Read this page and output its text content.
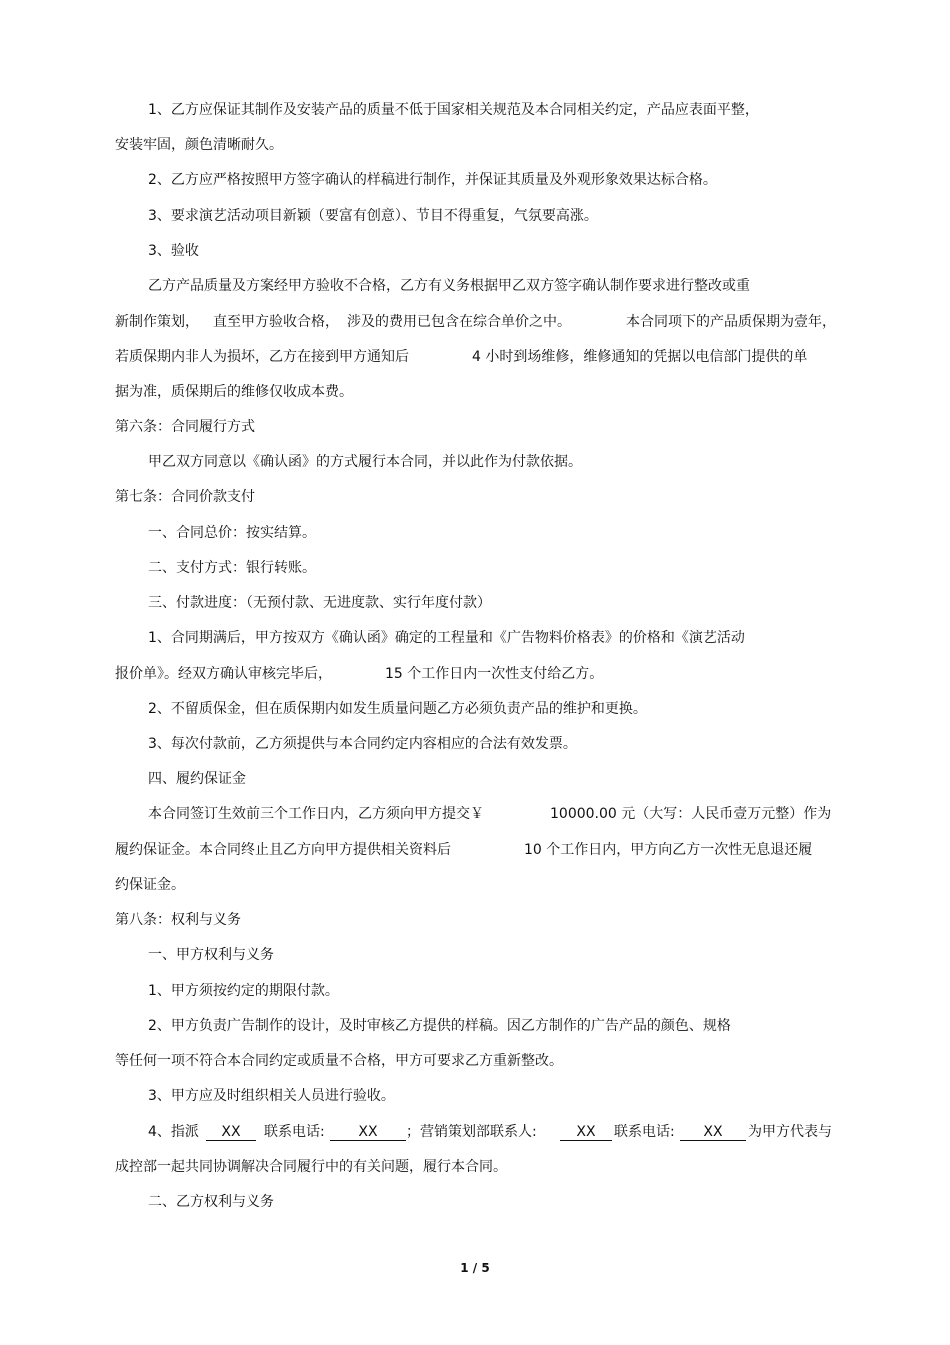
1、乙方应保证其制作及安装产品的质量不低于国家相关规范及本合同相关约定，产品应表面平整，
安装牢固，颜色清晰耐久。
2、乙方应严格按照甲方签字确认的样稿进行制作，并保证其质量及外观形象效果达标合格。
3、要求演艺活动项目新颖（要富有创意）、节目不得重复，气氛要高涨。
3、验收
乙方产品质量及方案经甲方验收不合格，乙方有义务根据甲乙双方签字确认制作要求进行整改或重
新制作策划， 直至甲方验收合格， 涉及的费用已包含在综合单价之中。	本合同项下的产品质保期为壹年，
若质保期内非人为损坏，乙方在接到甲方通知后	4 小时到场维修，维修通知的凭据以电信部门提供的单
据为准，质保期后的维修仅收成本费。
第六条：合同履行方式
甲乙双方同意以《确认函》的方式履行本合同，并以此作为付款依据。
第七条：合同价款支付
一、合同总价：按实结算。
二、支付方式：银行转账。
三、付款进度：（无预付款、无进度款、实行年度付款）
1、合同期满后，甲方按双方《确认函》确定的工程量和《广告物料价格表》的价格和《演艺活动
报价单》。经双方确认审核完毕后，	15 个工作日内一次性支付给乙方。
2、不留质保金，但在质保期内如发生质量问题乙方必须负责产品的维护和更换。
3、每次付款前，乙方须提供与本合同约定内容相应的合法有效发票。
四、履约保证金
本合同签订生效前三个工作日内，乙方须向甲方提交￥	10000.00 元（大写：人民币壹万元整）作为
履约保证金。本合同终止且乙方向甲方提供相关资料后	10 个工作日内，甲方向乙方一次性无息退还履
约保证金。
第八条：权利与义务
一、甲方权利与义务
1、甲方须按约定的期限付款。
2、甲方负责广告制作的设计，及时审核乙方提供的样稿。因乙方制作的广告产品的颜色、规格
等任何一项不符合本合同约定或质量不合格，甲方可要求乙方重新整改。
3、甲方应及时组织相关人员进行验收。
4、指派	XX	联系电话:	XX	；营销策划部联系人:	XX	联系电话:	XX	为甲方代表与
成控部一起共同协调解决合同履行中的有关问题，履行本合同。
二、乙方权利与义务
1 / 5
